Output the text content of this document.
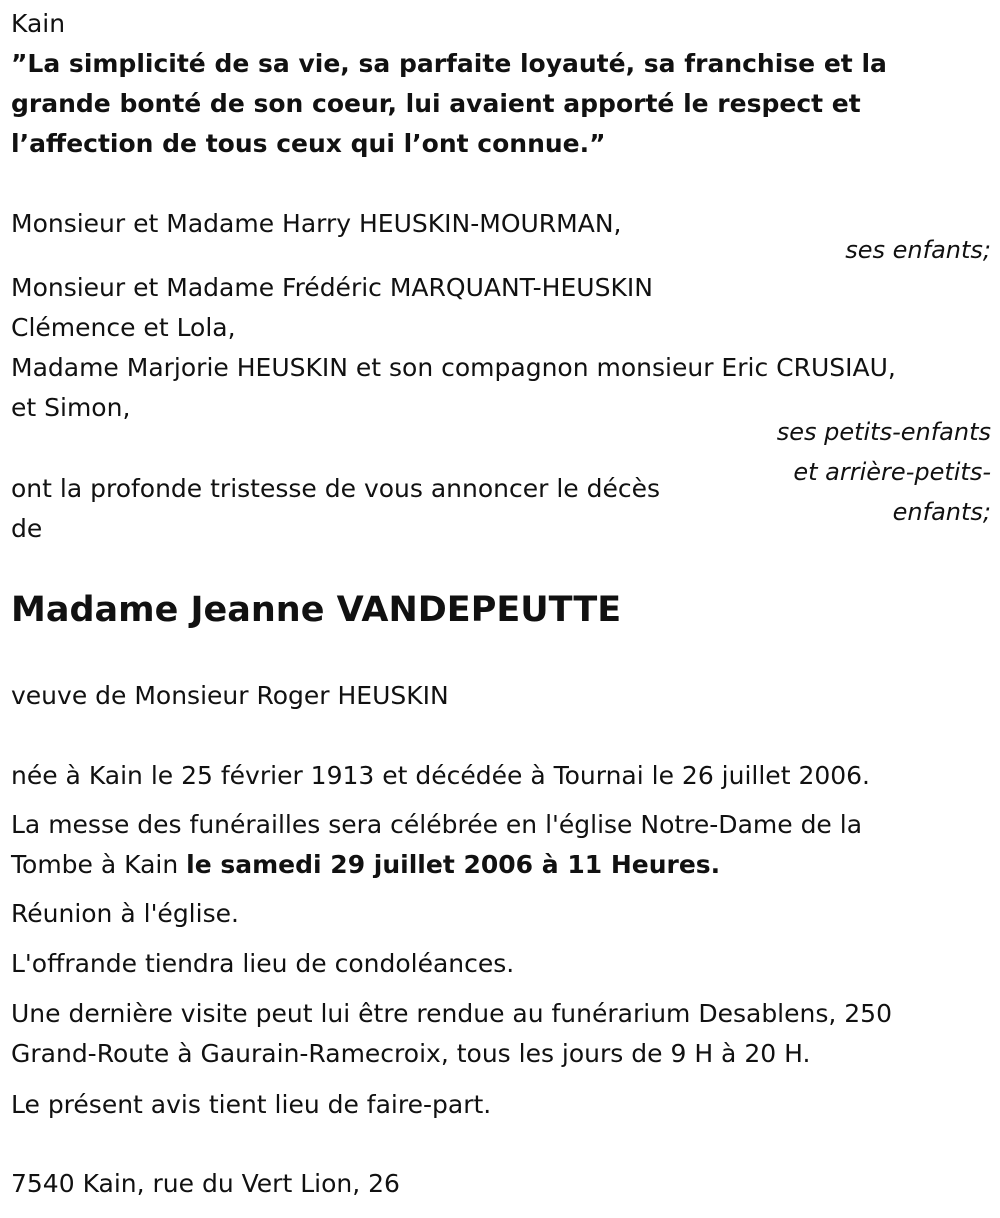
Kain
”La simplicité de sa vie, sa parfaite loyauté, sa franchise et la grande bonté de son coeur, lui avaient apporté le respect et l’affection de tous ceux qui l’ont connue.”
Monsieur et Madame Harry HEUSKIN-MOURMAN,
ses enfants;
Monsieur et Madame Frédéric MARQUANT-HEUSKIN
Clémence et Lola,
Madame Marjorie HEUSKIN et son compagnon monsieur Eric CRUSIAU,
et Simon,
ses petits-enfants
et arrière-petits-
enfants;
ont la profonde tristesse de vous annoncer le décès
de
Madame Jeanne VANDEPEUTTE
veuve de Monsieur Roger HEUSKIN
née à Kain le 25 février 1913 et décédée à Tournai le 26 juillet 2006.
La messe des funérailles sera célébrée en l'église Notre-Dame de la
Tombe à Kain le samedi 29 juillet 2006 à 11 Heures.
Réunion à l'église.
L'offrande tiendra lieu de condoléances.
Une dernière visite peut lui être rendue au funérarium Desablens, 250
Grand-Route à Gaurain-Ramecroix, tous les jours de 9 H à 20 H.
Le présent avis tient lieu de faire-part.
7540 Kain, rue du Vert Lion, 26
